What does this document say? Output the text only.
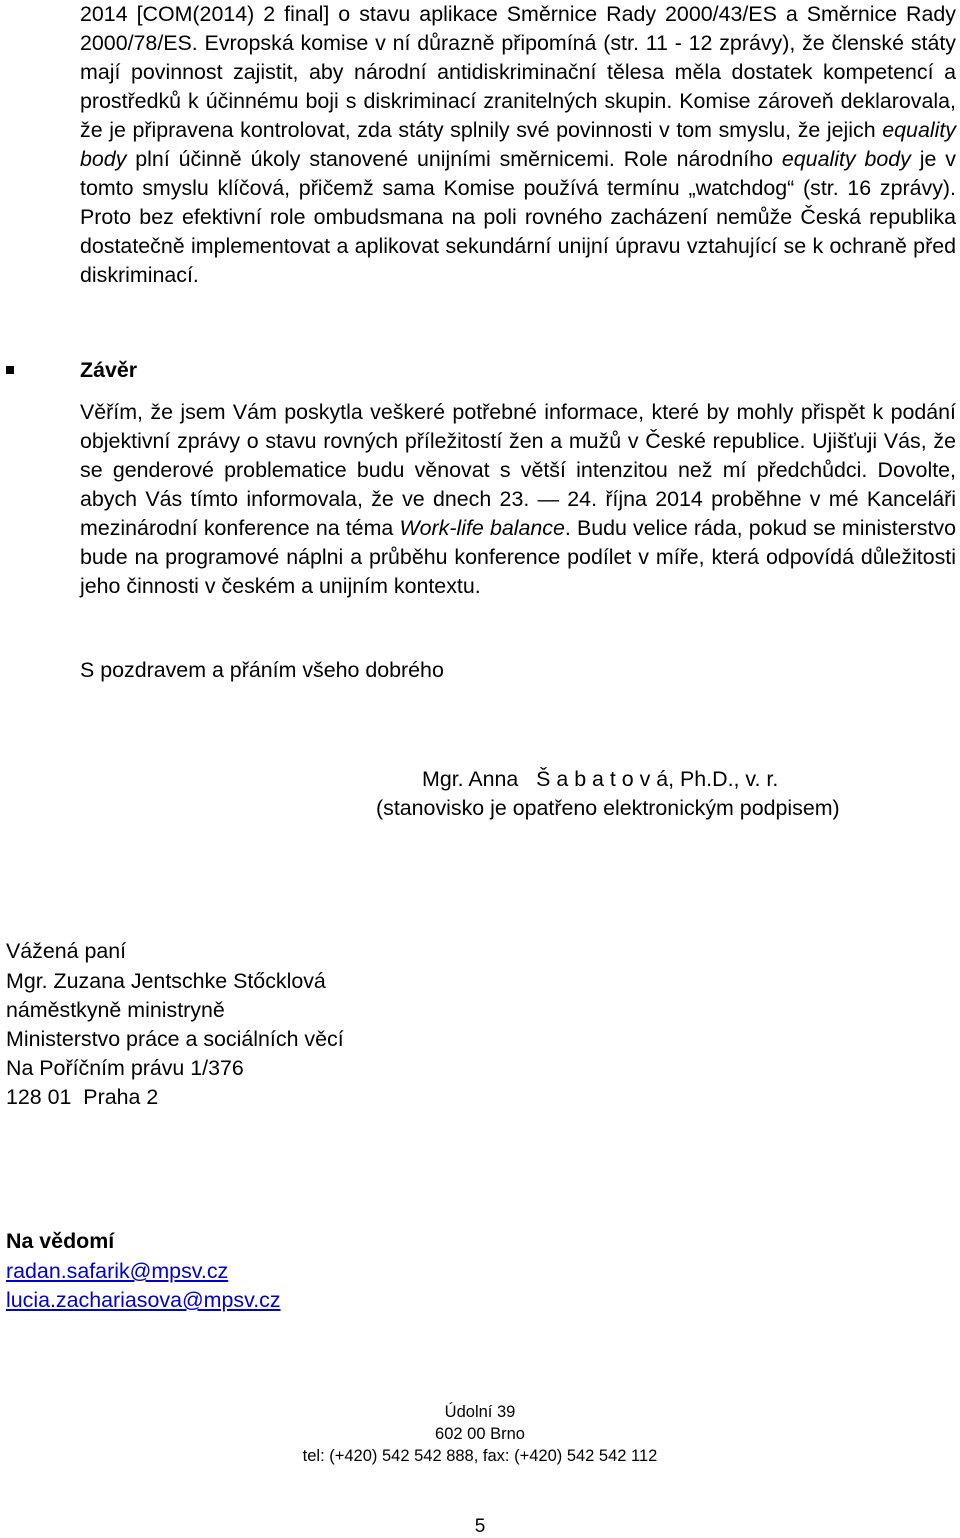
2014 [COM(2014) 2 final] o stavu aplikace Směrnice Rady 2000/43/ES a Směrnice Rady 2000/78/ES. Evropská komise v ní důrazně připomíná (str. 11 - 12 zprávy), že členské státy mají povinnost zajistit, aby národní antidiskriminační tělesa měla dostatek kompetencí a prostředků k účinnému boji s diskriminací zranitelných skupin. Komise zároveň deklarovala, že je připravena kontrolovat, zda státy splnily své povinnosti v tom smyslu, že jejich equality body plní účinně úkoly stanovené unijními směrnicemi. Role národního equality body je v tomto smyslu klíčová, přičemž sama Komise používá termínu „watchdog“ (str. 16 zprávy). Proto bez efektivní role ombudsmana na poli rovného zacházení nemůže Česká republika dostatečně implementovat a aplikovat sekundární unijní úpravu vztahující se k ochraně před diskriminací.
Závěr
Věřím, že jsem Vám poskytla veškeré potřebné informace, které by mohly přispět k podání objektivní zprávy o stavu rovných příležitostí žen a mužů v České republice. Ujišťuji Vás, že se genderové problematice budu věnovat s větší intenzitou než mí předchůdci. Dovolte, abych Vás tímto informovala, že ve dnech 23. — 24. října 2014 proběhne v mé Kanceláři mezinárodní konference na téma Work-life balance. Budu velice ráda, pokud se ministerstvo bude na programové náplni a průběhu konference podílet v míře, která odpovídá důležitosti jeho činnosti v českém a unijním kontextu.
S pozdravem a přáním všeho dobrého
Mgr. Anna   Š a b a t o v á, Ph.D., v. r.
(stanovisko je opatřeno elektronickým podpisem)
Vážená paní
Mgr. Zuzana Jentschke Stőcklová
náměstkyně ministryně
Ministerstvo práce a sociálních věcí
Na Poříčním právu 1/376
128 01  Praha 2
Na vědomí
radan.safarik@mpsv.cz
lucia.zachariasova@mpsv.cz
Údolní 39
602 00 Brno
tel: (+420) 542 542 888, fax: (+420) 542 542 112
5
